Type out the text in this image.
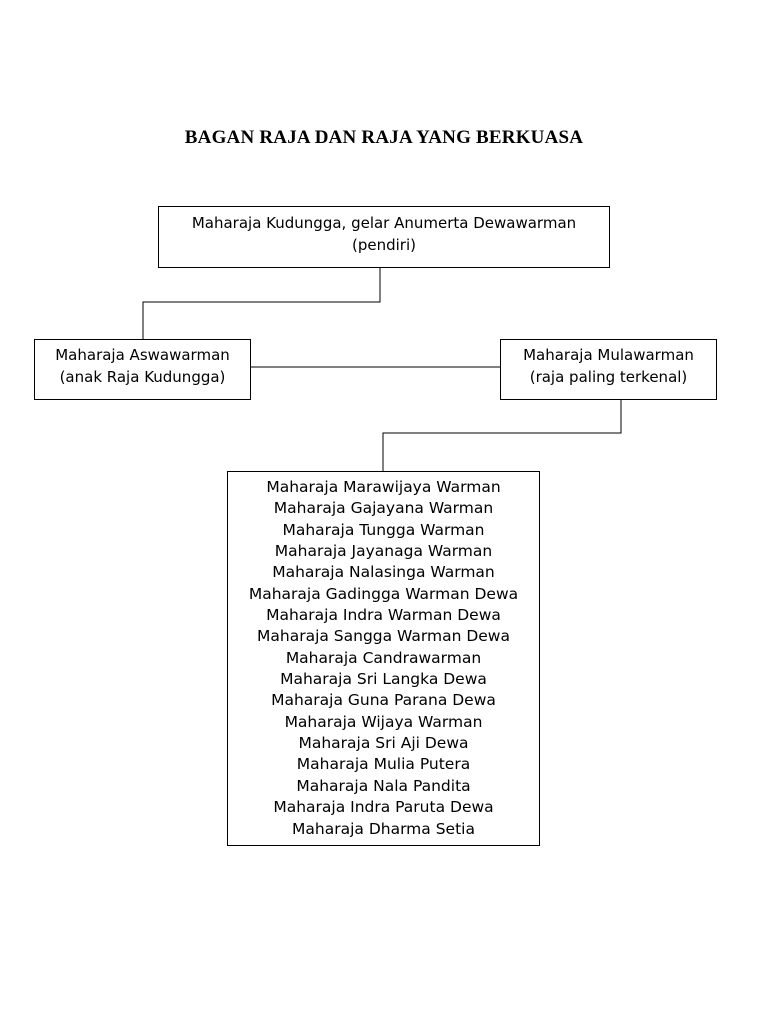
BAGAN RAJA DAN RAJA YANG BERKUASA
Maharaja Kudungga, gelar Anumerta Dewawarman
(pendiri)
Maharaja Aswawarman
(anak Raja Kudungga)
Maharaja Mulawarman
(raja paling terkenal)
Maharaja Marawijaya Warman
Maharaja Gajayana Warman
Maharaja Tungga Warman
Maharaja Jayanaga Warman
Maharaja Nalasinga Warman
Maharaja Gadingga Warman Dewa
Maharaja Indra Warman Dewa
Maharaja Sangga Warman Dewa
Maharaja Candrawarman
Maharaja Sri Langka Dewa
Maharaja Guna Parana Dewa
Maharaja Wijaya Warman
Maharaja Sri Aji Dewa
Maharaja Mulia Putera
Maharaja Nala Pandita
Maharaja Indra Paruta Dewa
Maharaja Dharma Setia
